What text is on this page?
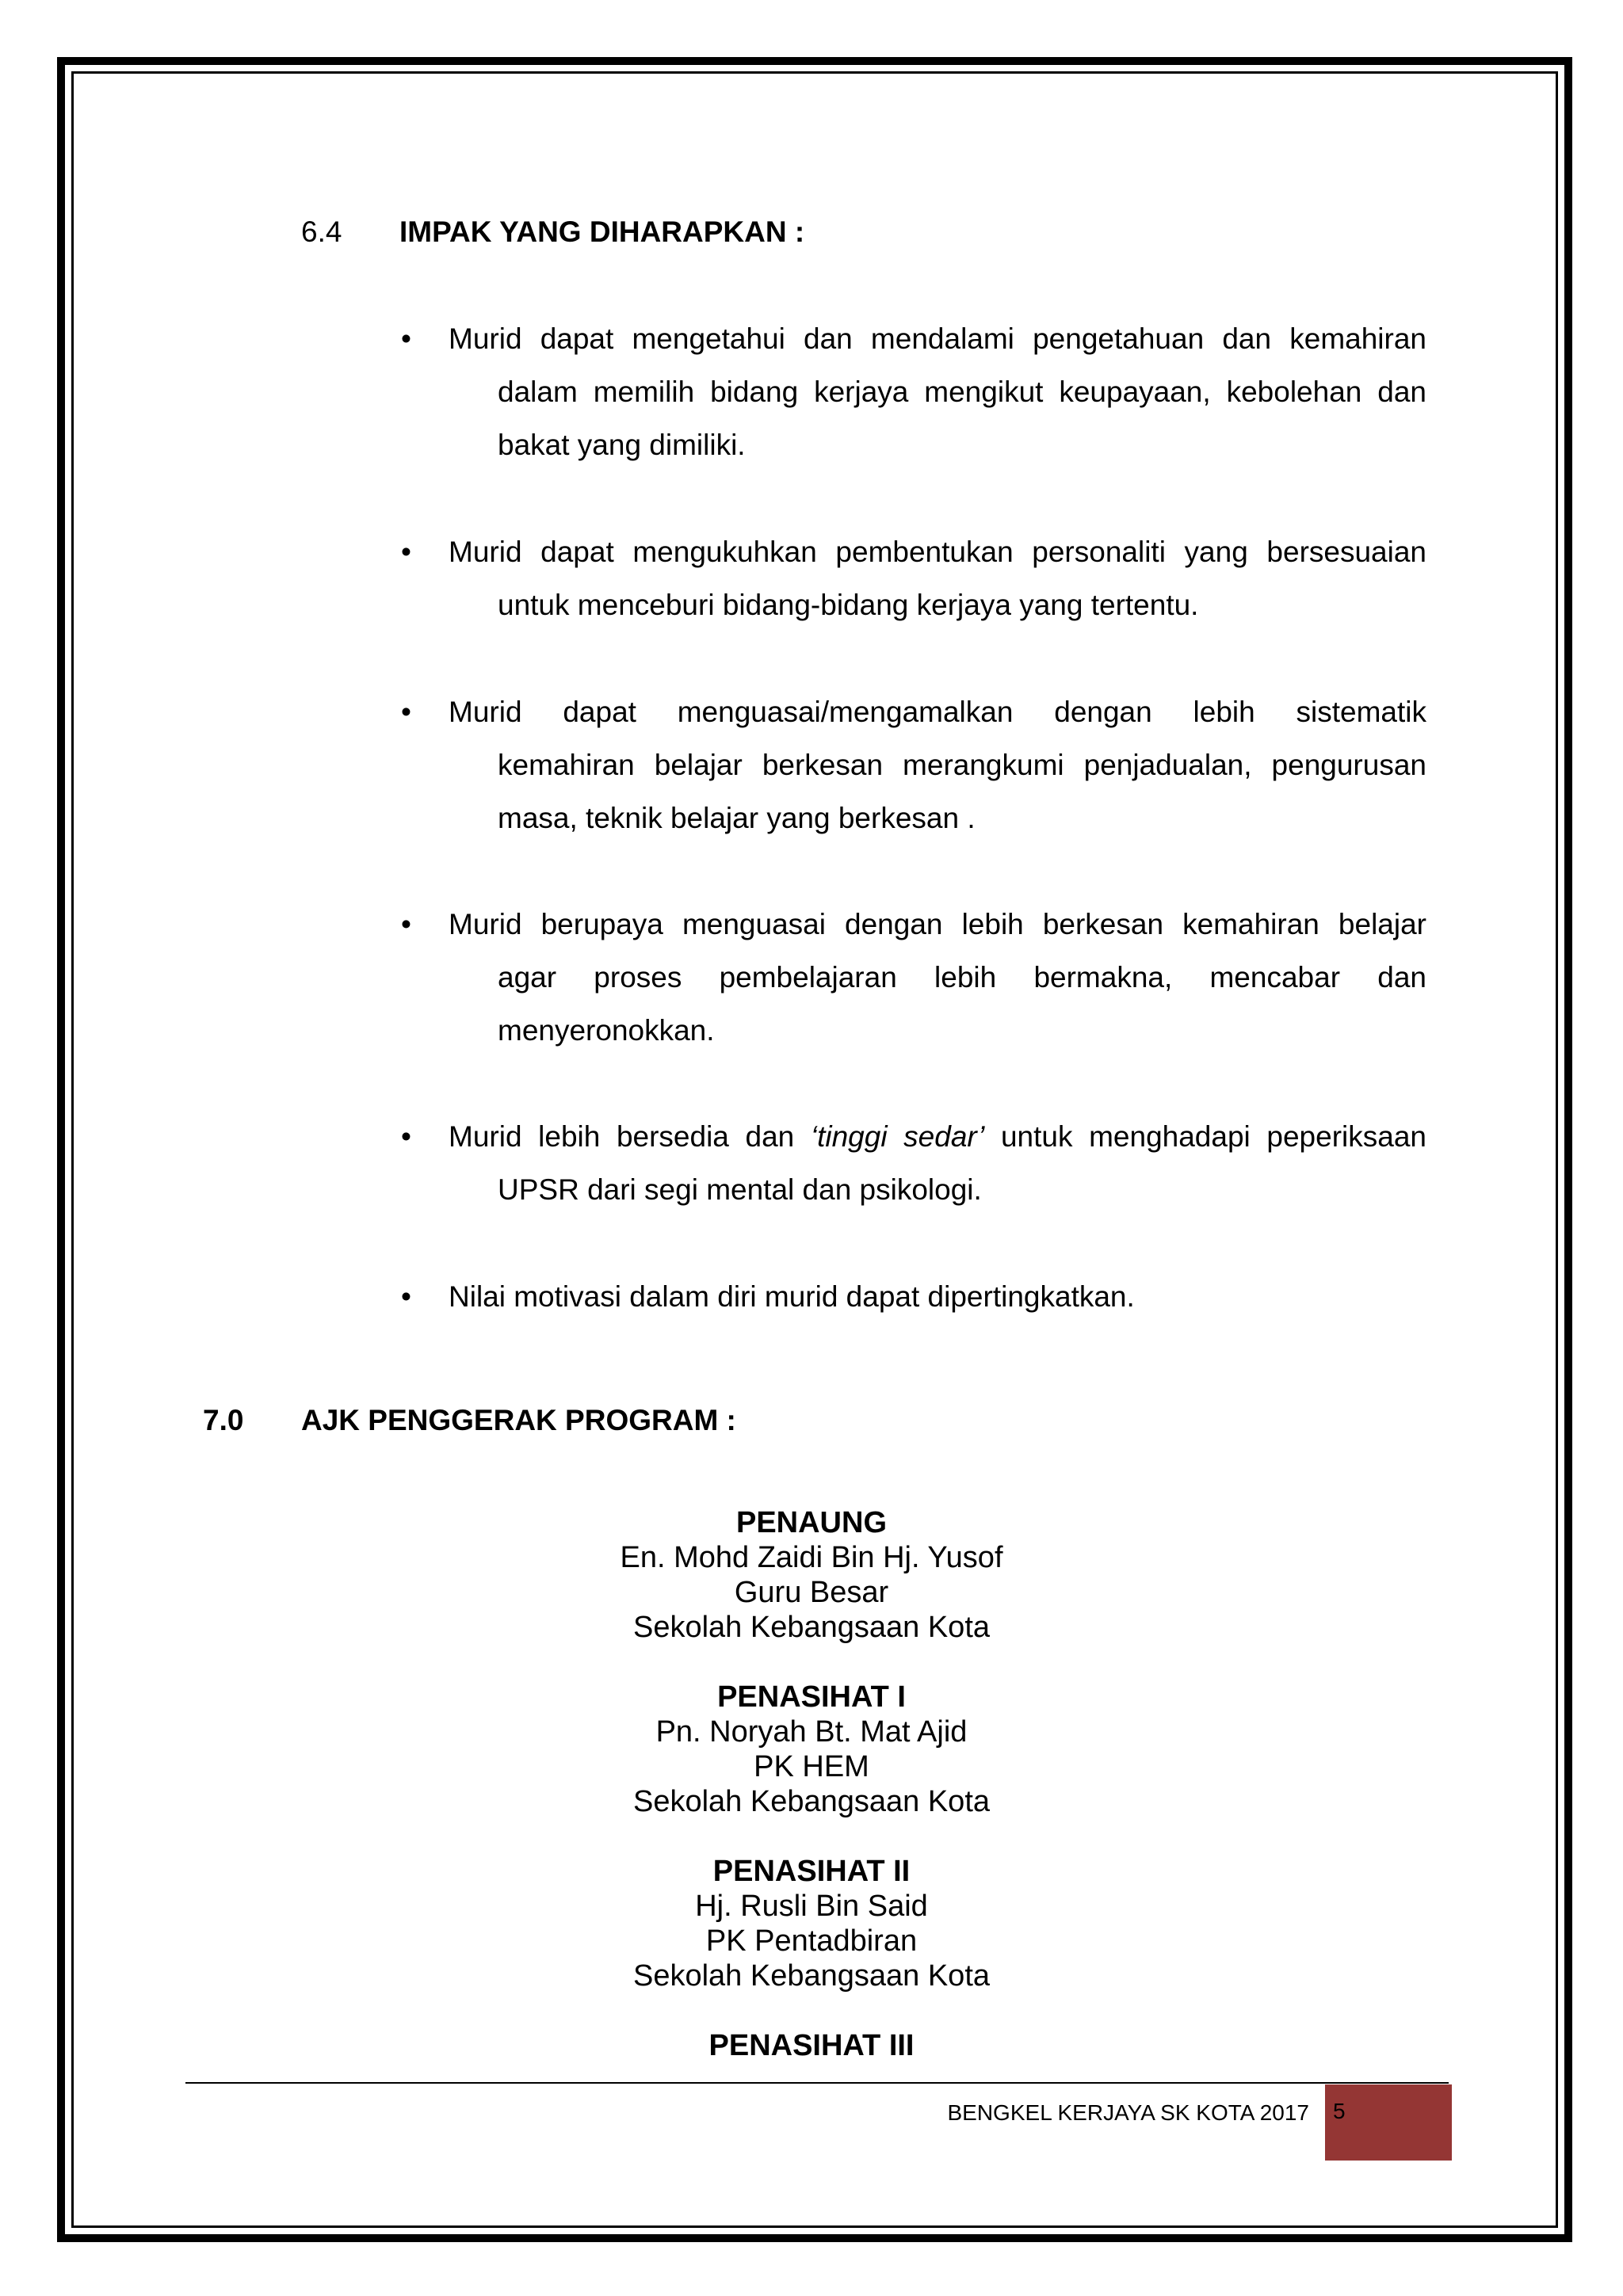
6.4 IMPAK YANG DIHARAPKAN :
• Murid dapat mengetahui dan mendalami pengetahuan dan kemahiran
dalam memilih bidang kerjaya mengikut keupayaan, kebolehan dan
bakat yang dimiliki.
• Murid dapat mengukuhkan pembentukan personaliti yang bersesuaian
untuk menceburi bidang-bidang kerjaya yang tertentu.
• Murid dapat menguasai/mengamalkan dengan lebih sistematik
kemahiran belajar berkesan merangkumi penjadualan, pengurusan
masa, teknik belajar yang berkesan .
• Murid berupaya menguasai dengan lebih berkesan kemahiran belajar
agar proses pembelajaran lebih bermakna, mencabar dan
menyeronokkan.
• Murid lebih bersedia dan ‘tinggi sedar’ untuk menghadapi peperiksaan
UPSR dari segi mental dan psikologi.
• Nilai motivasi dalam diri murid dapat dipertingkatkan.
7.0 AJK PENGGERAK PROGRAM :
PENAUNG
En. Mohd Zaidi Bin Hj. Yusof
Guru Besar
Sekolah Kebangsaan Kota
PENASIHAT I
Pn. Noryah Bt. Mat Ajid
PK HEM
Sekolah Kebangsaan Kota
PENASIHAT II
Hj. Rusli Bin Said
PK Pentadbiran
Sekolah Kebangsaan Kota
PENASIHAT III
BENGKEL KERJAYA SK KOTA 2017 5
